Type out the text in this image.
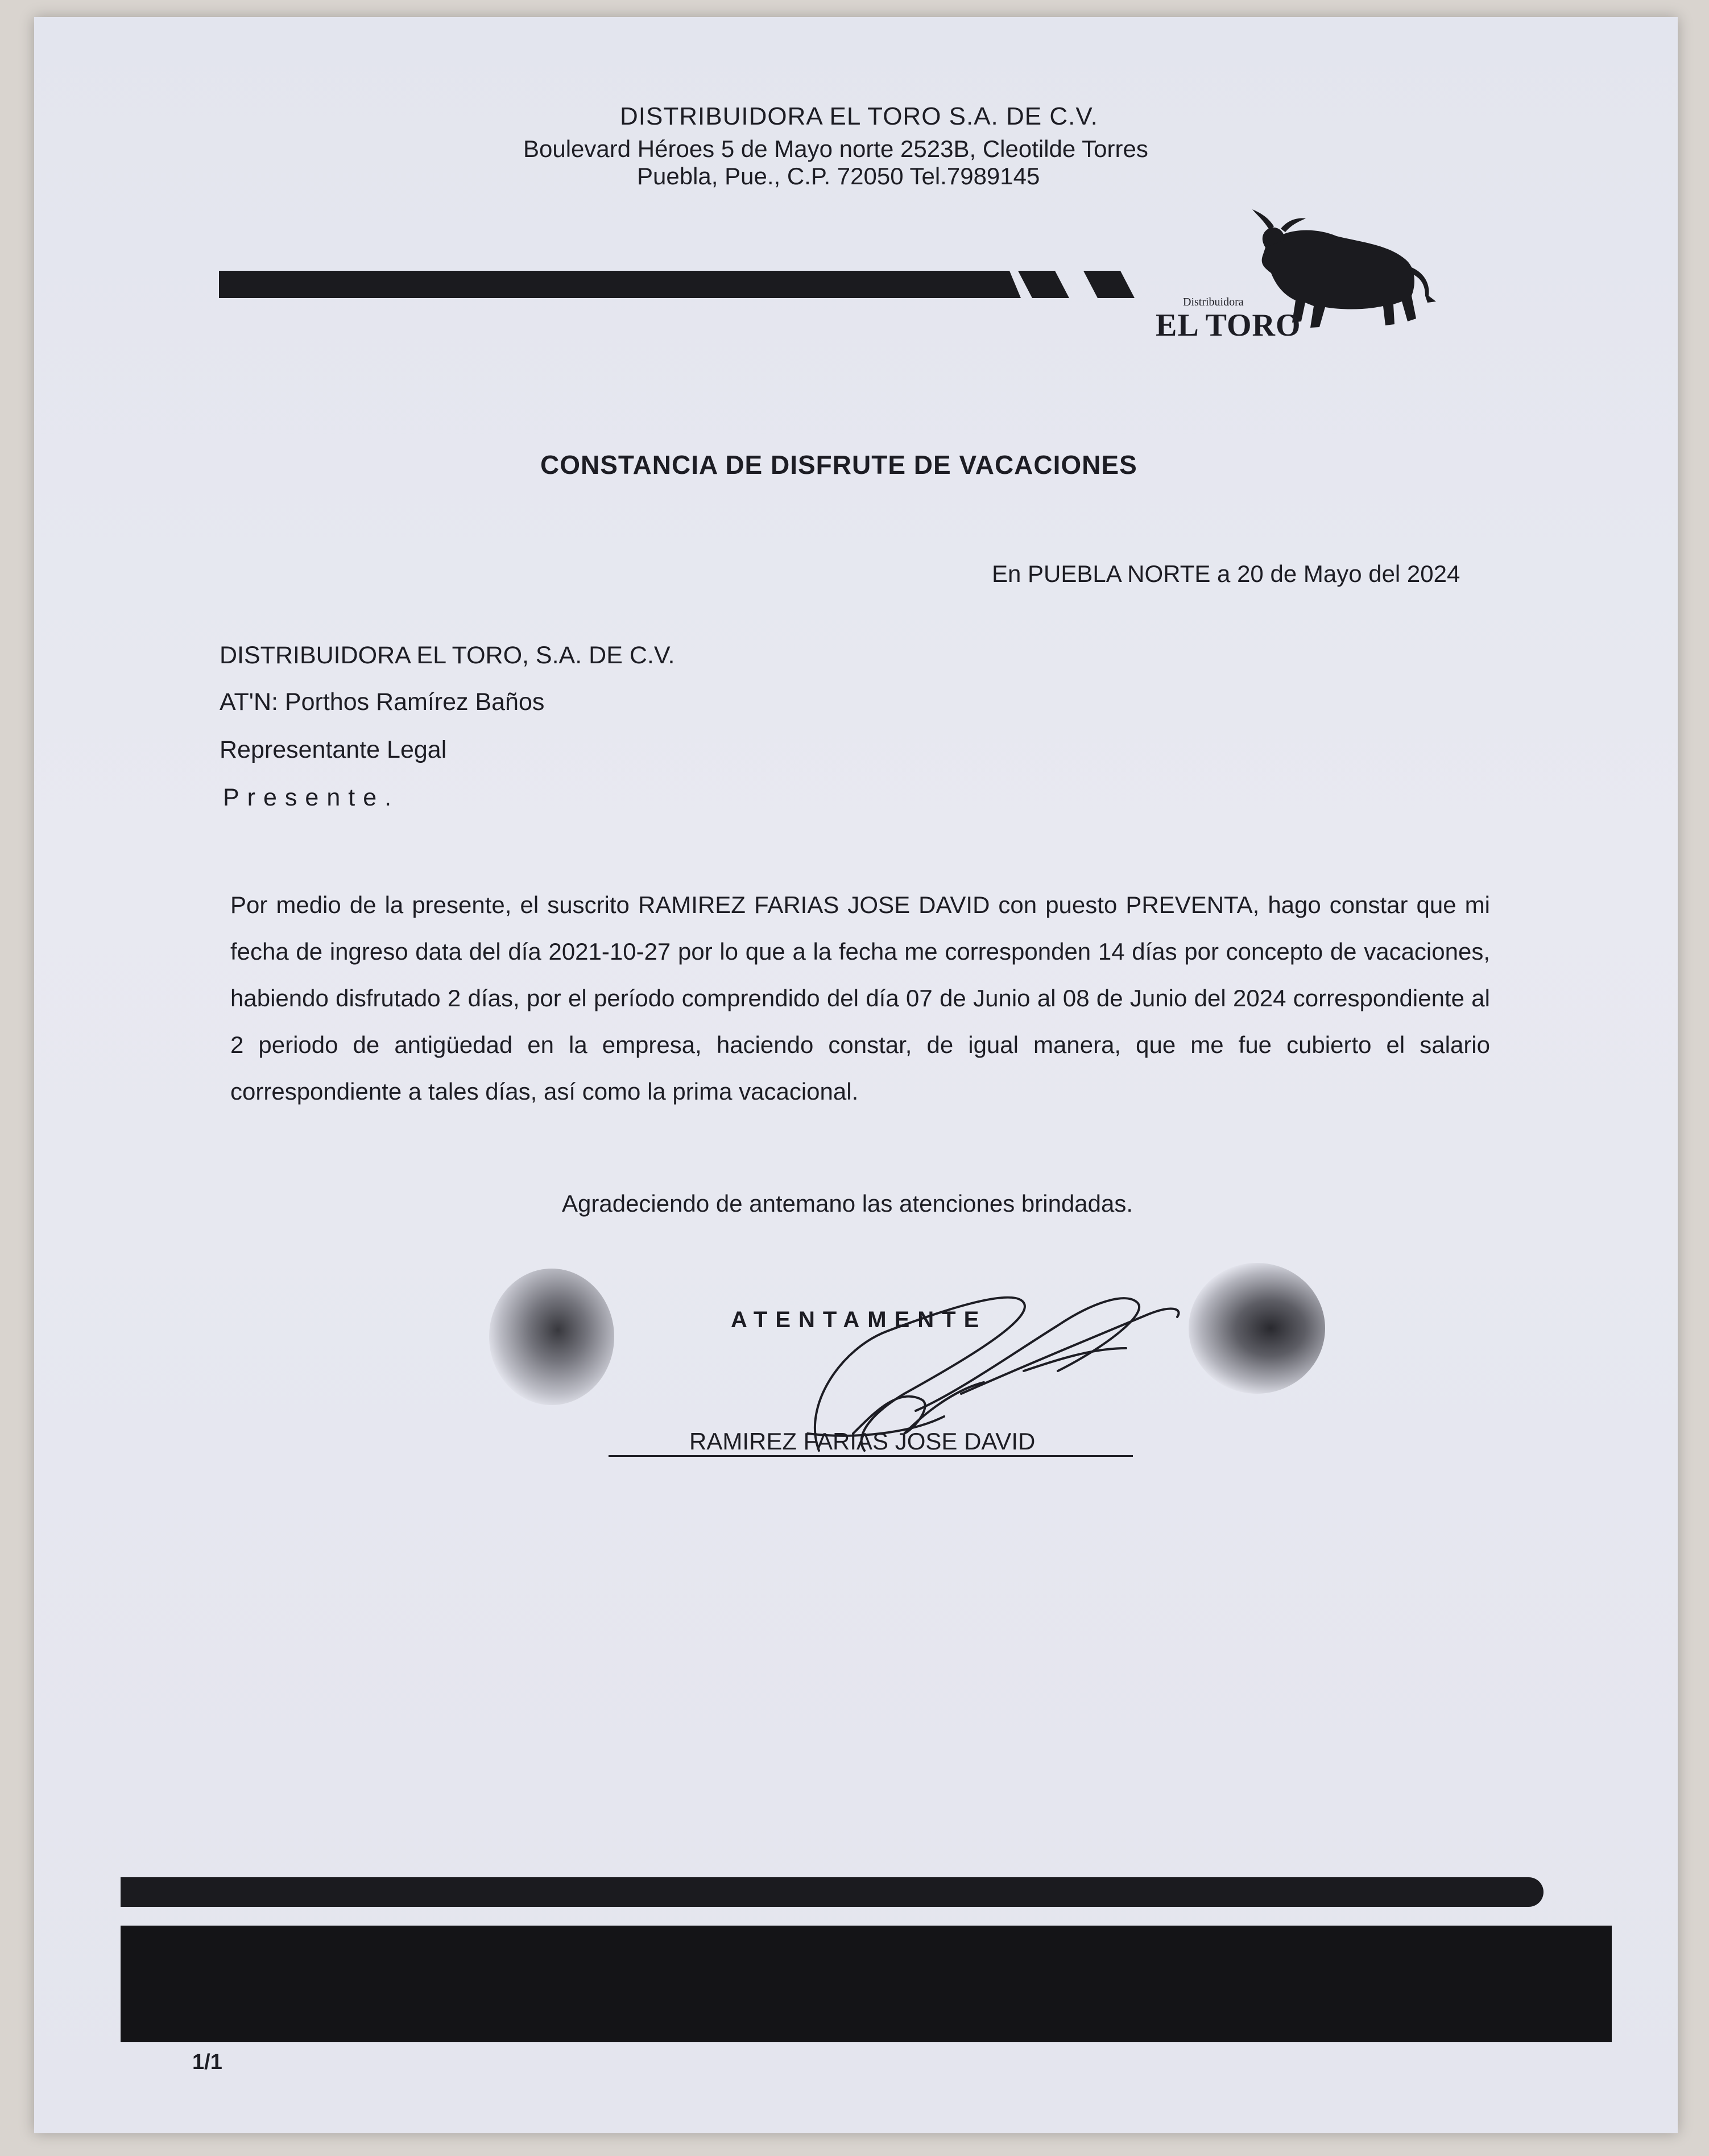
DISTRIBUIDORA EL TORO S.A. DE C.V.
Boulevard Héroes 5 de Mayo norte 2523B, Cleotilde Torres
Puebla, Pue., C.P. 72050 Tel.7989145
Distribuidora
EL TORO
CONSTANCIA DE DISFRUTE DE VACACIONES
En PUEBLA NORTE a 20 de Mayo del 2024
DISTRIBUIDORA EL TORO, S.A. DE C.V.
AT'N: Porthos Ramírez Baños
Representante Legal
Presente.
Por medio de la presente, el suscrito RAMIREZ FARIAS JOSE DAVID con puesto PREVENTA, hago constar que mi fecha de ingreso data del día 2021-10-27 por lo que a la fecha me corresponden 14 días por concepto de vacaciones, habiendo disfrutado 2 días, por el período comprendido del día 07 de Junio al 08 de Junio del 2024 correspondiente al 2 periodo de antigüedad en la empresa, haciendo constar, de igual manera, que me fue cubierto el salario correspondiente a tales días, así como la prima vacacional.
Agradeciendo de antemano las atenciones brindadas.
ATENTAMENTE
RAMIREZ FARIAS JOSE DAVID
1/1
